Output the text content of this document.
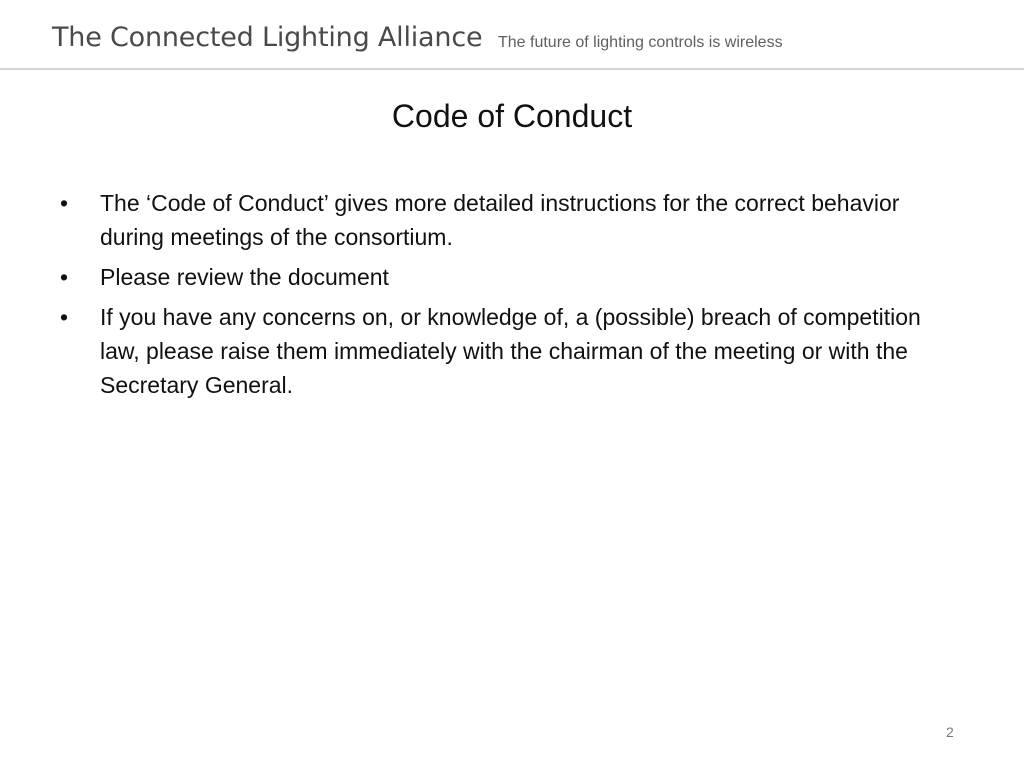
The Connected Lighting Alliance The future of lighting controls is wireless
Code of Conduct
•	The ‘Code of Conduct’ gives more detailed instructions for the correct behavior during meetings of the consortium.
•	Please review the document
•	If you have any concerns on, or knowledge of, a (possible) breach of competition law, please raise them immediately with the chairman of the meeting or with the Secretary General.
2
